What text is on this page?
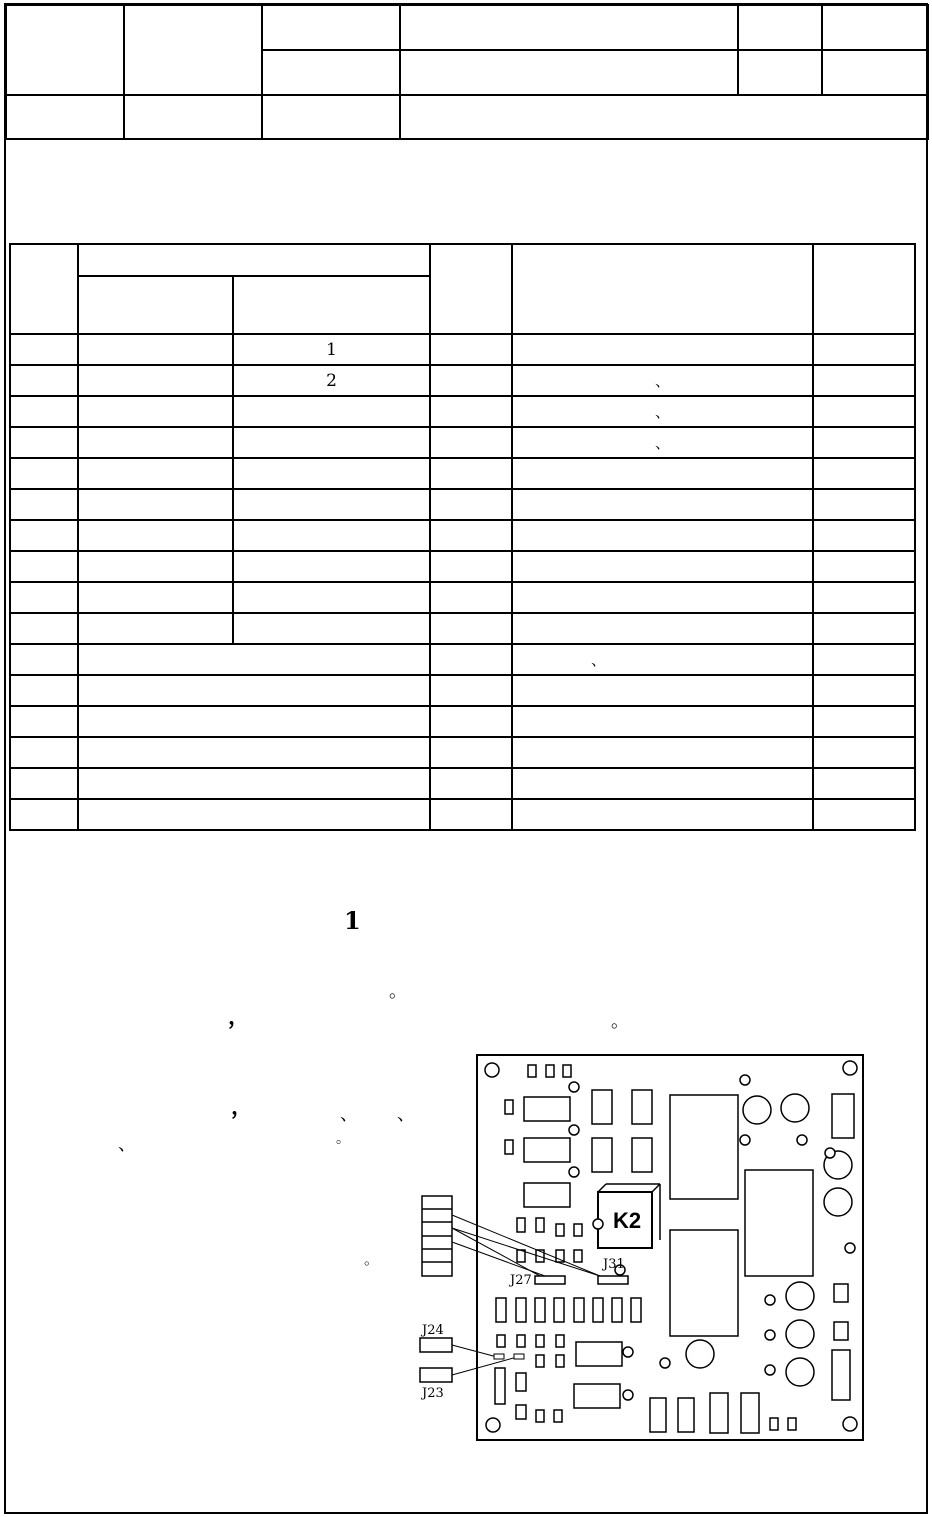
		1			
		2		、	
				、	
				、	

				、	

1
。
，	。
，	、 、
、	。
。
K2
J27
J31
J24
J23
